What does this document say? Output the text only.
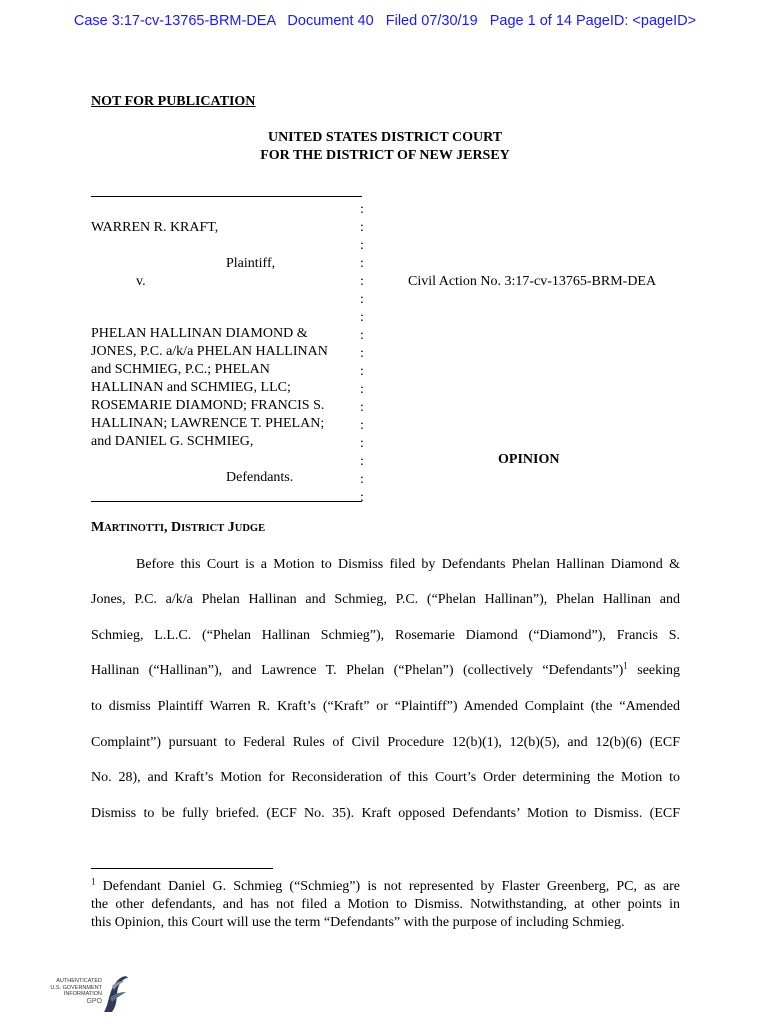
Case 3:17-cv-13765-BRM-DEA   Document 40   Filed 07/30/19   Page 1 of 14 PageID: <pageID>
NOT FOR PUBLICATION
UNITED STATES DISTRICT COURT
FOR THE DISTRICT OF NEW JERSEY
:
:
:
:
:
:
:
:
:
:
:
:
:
:
:
:
:
WARREN R. KRAFT,
Plaintiff,
v.
PHELAN HALLINAN DIAMOND &
JONES, P.C. a/k/a PHELAN HALLINAN
and SCHMIEG, P.C.; PHELAN
HALLINAN and SCHMIEG, LLC;
ROSEMARIE DIAMOND; FRANCIS S.
HALLINAN; LAWRENCE T. PHELAN;
and DANIEL G. SCHMIEG,
Defendants.
Civil Action No. 3:17-cv-13765-BRM-DEA
OPINION
MARTINOTTI, DISTRICT JUDGE
Before this Court is a Motion to Dismiss filed by Defendants Phelan Hallinan Diamond &
Jones, P.C. a/k/a Phelan Hallinan and Schmieg, P.C. (“Phelan Hallinan”), Phelan Hallinan and
Schmieg, L.L.C. (“Phelan Hallinan Schmieg”), Rosemarie Diamond (“Diamond”), Francis S.
Hallinan (“Hallinan”), and Lawrence T. Phelan (“Phelan”) (collectively “Defendants”)$^1$ seeking
to dismiss Plaintiff Warren R. Kraft’s (“Kraft” or “Plaintiff”) Amended Complaint (the “Amended
Complaint”) pursuant to Federal Rules of Civil Procedure 12(b)(1), 12(b)(5), and 12(b)(6) (ECF
No. 28), and Kraft’s Motion for Reconsideration of this Court’s Order determining the Motion to
Dismiss to be fully briefed. (ECF No. 35). Kraft opposed Defendants’ Motion to Dismiss. (ECF
$^1$ Defendant Daniel G. Schmieg (“Schmieg”) is not represented by Flaster Greenberg, PC, as are
the other defendants, and has not filed a Motion to Dismiss. Notwithstanding, at other points in
this Opinion, this Court will use the term “Defendants” with the purpose of including Schmieg.
AUTHENTICATED
U.S. GOVERNMENT
INFORMATION
GPO
